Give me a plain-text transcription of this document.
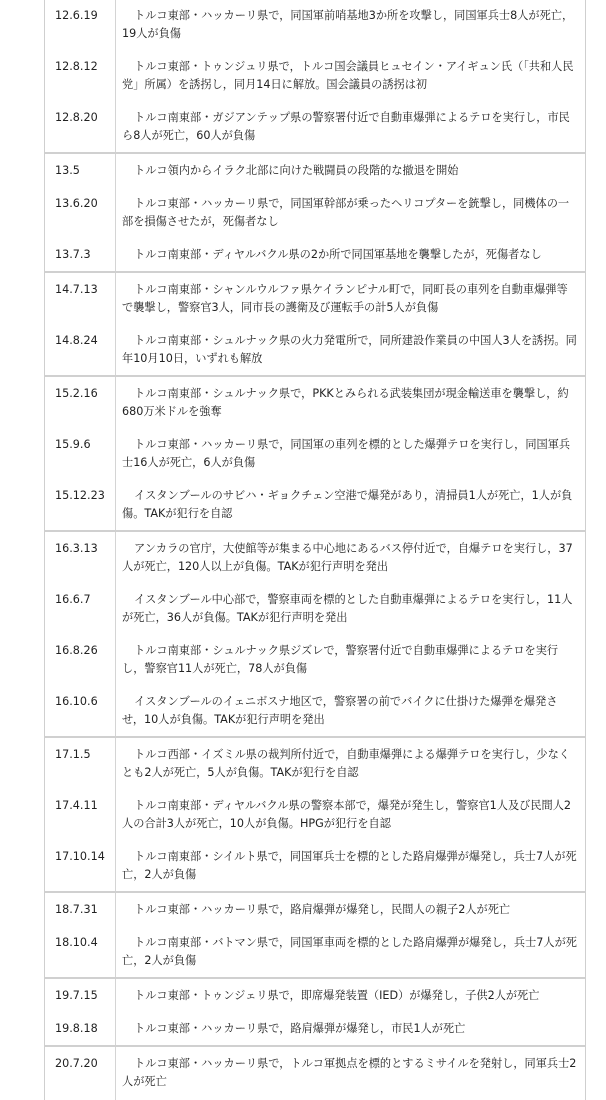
12.6.19
12.8.12
12.8.20
トルコ東部・ハッカーリ県で，同国軍前哨基地3か所を攻撃し，同国軍兵士8人が死亡，19人が負傷
トルコ東部・トゥンジュリ県で，トルコ国会議員ヒュセイン・アイギュン氏（「共和人民党」所属）を誘拐し，同月14日に解放。国会議員の誘拐は初
トルコ南東部・ガジアンテップ県の警察署付近で自動車爆弾によるテロを実行し，市民ら8人が死亡，60人が負傷
13.5
13.6.20
13.7.3
トルコ領内からイラク北部に向けた戦闘員の段階的な撤退を開始
トルコ東部・ハッカーリ県で，同国軍幹部が乗ったヘリコプターを銃撃し，同機体の一部を損傷させたが，死傷者なし
トルコ南東部・ディヤルバクル県の2か所で同国軍基地を襲撃したが，死傷者なし
14.7.13
14.8.24
トルコ南東部・シャンルウルファ県ケイランピナル町で，同町長の車列を自動車爆弾等で襲撃し，警察官3人，同市長の護衛及び運転手の計5人が負傷
トルコ南東部・シュルナック県の火力発電所で，同所建設作業員の中国人3人を誘拐。同年10月10日，いずれも解放
15.2.16
15.9.6
15.12.23
トルコ南東部・シュルナック県で，PKKとみられる武装集団が現金輸送車を襲撃し，約680万米ドルを強奪
トルコ東部・ハッカーリ県で，同国軍の車列を標的とした爆弾テロを実行し，同国軍兵士16人が死亡，6人が負傷
イスタンブールのサビハ・ギョクチェン空港で爆発があり，清掃員1人が死亡，1人が負傷。TAKが犯行を自認
16.3.13
16.6.7
16.8.26
16.10.6
アンカラの官庁，大使館等が集まる中心地にあるバス停付近で，自爆テロを実行し，37人が死亡，120人以上が負傷。TAKが犯行声明を発出
イスタンブール中心部で，警察車両を標的とした自動車爆弾によるテロを実行し，11人が死亡，36人が負傷。TAKが犯行声明を発出
トルコ南東部・シュルナック県ジズレで，警察署付近で自動車爆弾によるテロを実行し，警察官11人が死亡，78人が負傷
イスタンブールのイェニボスナ地区で，警察署の前でバイクに仕掛けた爆弾を爆発させ，10人が負傷。TAKが犯行声明を発出
17.1.5
17.4.11
17.10.14
トルコ西部・イズミル県の裁判所付近で，自動車爆弾による爆弾テロを実行し，少なくとも2人が死亡，5人が負傷。TAKが犯行を自認
トルコ南東部・ディヤルバクル県の警察本部で，爆発が発生し，警察官1人及び民間人2人の合計3人が死亡，10人が負傷。HPGが犯行を自認
トルコ南東部・シイルト県で，同国軍兵士を標的とした路肩爆弾が爆発し，兵士7人が死亡，2人が負傷
18.7.31
18.10.4
トルコ東部・ハッカーリ県で，路肩爆弾が爆発し，民間人の親子2人が死亡
トルコ南東部・バトマン県で，同国軍車両を標的とした路肩爆弾が爆発し，兵士7人が死亡，2人が負傷
19.7.15
19.8.18
トルコ東部・トゥンジェリ県で，即席爆発装置（IED）が爆発し，子供2人が死亡
トルコ東部・ハッカーリ県で，路肩爆弾が爆発し，市民1人が死亡
20.7.20	トルコ東部・ハッカーリ県で，トルコ軍拠点を標的とするミサイルを発射し，同軍兵士2人が死亡
